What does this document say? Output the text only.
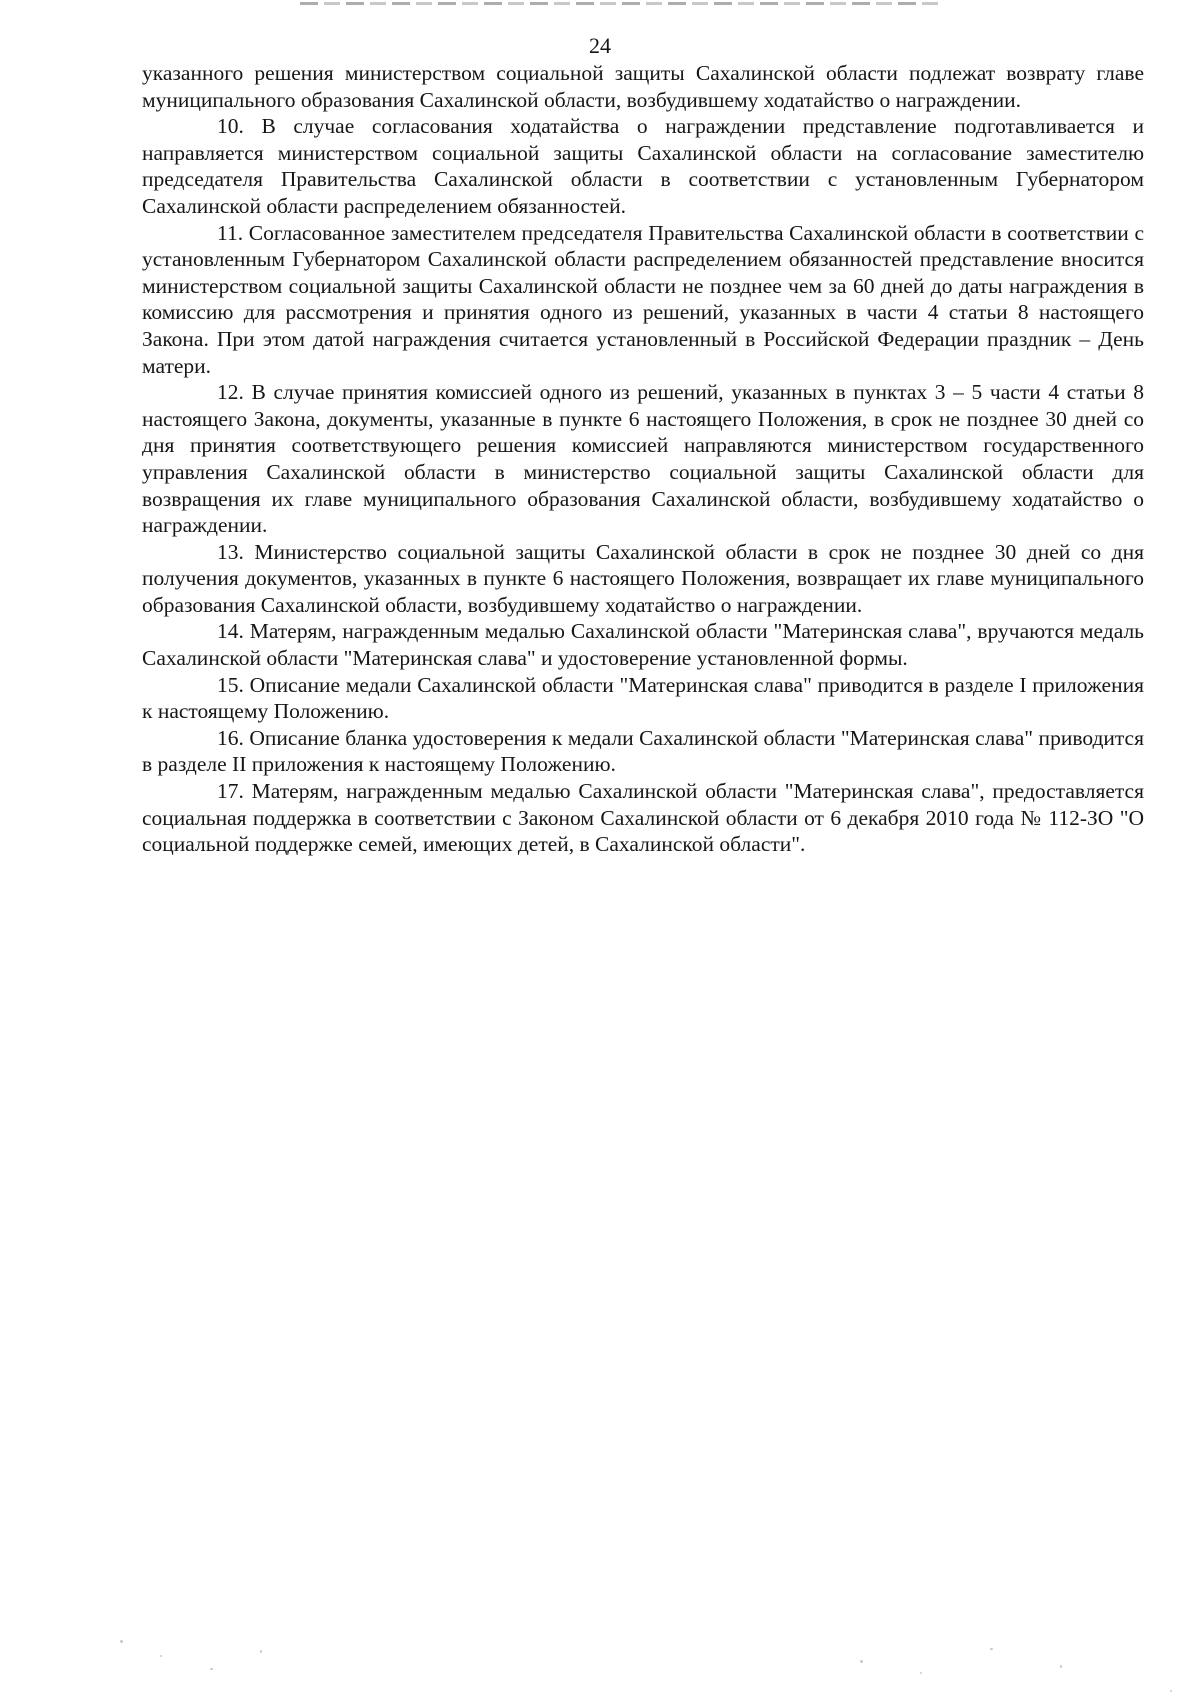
24

указанного решения министерством социальной защиты Сахалинской области подлежат возврату главе муниципального образования Сахалинской области, возбудившему ходатайство о награждении.

10. В случае согласования ходатайства о награждении представление подготавливается и направляется министерством социальной защиты Сахалинской области на согласование заместителю председателя Правительства Сахалинской области в соответствии с установленным Губернатором Сахалинской области распределением обязанностей.

11. Согласованное заместителем председателя Правительства Сахалинской области в соответствии с установленным Губернатором Сахалинской области распределением обязанностей представление вносится министерством социальной защиты Сахалинской области не позднее чем за 60 дней до даты награждения в комиссию для рассмотрения и принятия одного из решений, указанных в части 4 статьи 8 настоящего Закона. При этом датой награждения считается установленный в Российской Федерации праздник – День матери.

12. В случае принятия комиссией одного из решений, указанных в пунктах 3 – 5 части 4 статьи 8 настоящего Закона, документы, указанные в пункте 6 настоящего Положения, в срок не позднее 30 дней со дня принятия соответствующего решения комиссией направляются министерством государственного управления Сахалинской области в министерство социальной защиты Сахалинской области для возвращения их главе муниципального образования Сахалинской области, возбудившему ходатайство о награждении.

13. Министерство социальной защиты Сахалинской области в срок не позднее 30 дней со дня получения документов, указанных в пункте 6 настоящего Положения, возвращает их главе муниципального образования Сахалинской области, возбудившему ходатайство о награждении.

14. Матерям, награжденным медалью Сахалинской области "Материнская слава", вручаются медаль Сахалинской области "Материнская слава" и удостоверение установленной формы.

15. Описание медали Сахалинской области "Материнская слава" приводится в разделе I приложения к настоящему Положению.

16. Описание бланка удостоверения к медали Сахалинской области "Материнская слава" приводится в разделе II приложения к настоящему Положению.

17. Матерям, награжденным медалью Сахалинской области "Материнская слава", предоставляется социальная поддержка в соответствии с Законом Сахалинской области от 6 декабря 2010 года № 112-ЗО "О социальной поддержке семей, имеющих детей, в Сахалинской области".
